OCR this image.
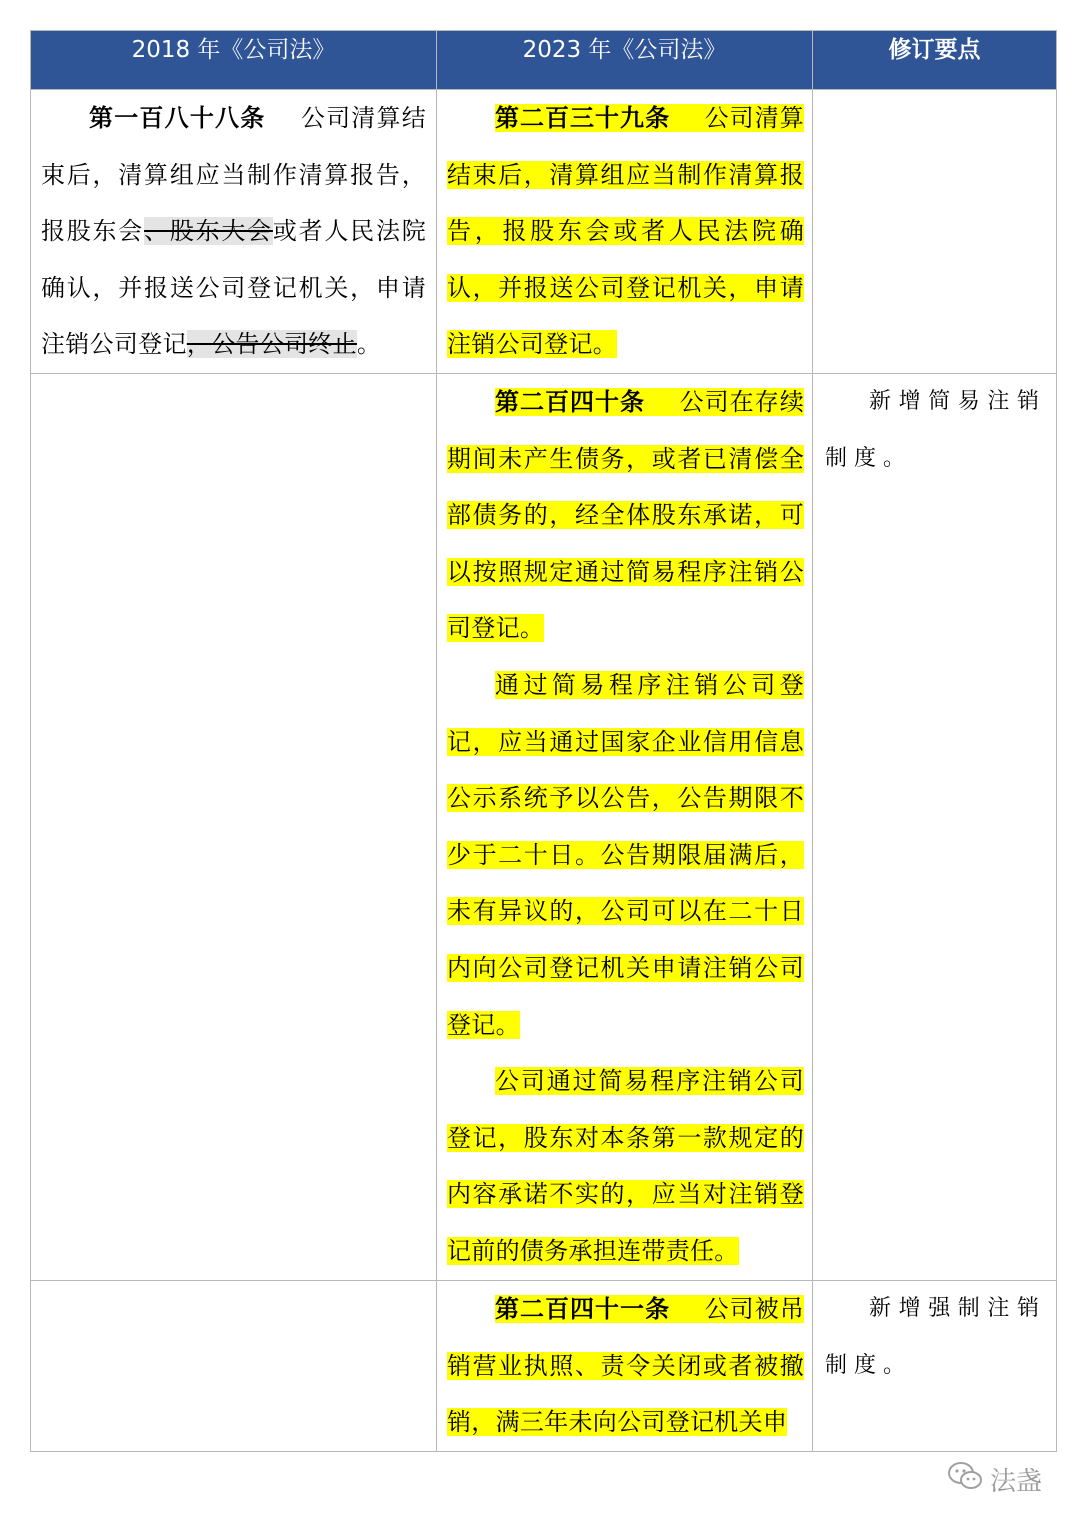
2018 年《公司法》	2023 年《公司法》	修订要点

第一百八十八条 公司清算结束后，清算组应当制作清算报告，报股东会、股东大会或者人民法院确认，并报送公司登记机关，申请注销公司登记，公告公司终止。	第二百三十九条 公司清算结束后，清算组应当制作清算报告，报股东会或者人民法院确认，并报送公司登记机关，申请注销公司登记。	

	第二百四十条 公司在存续期间未产生债务，或者已清偿全部债务的，经全体股东承诺，可以按照规定通过简易程序注销公司登记。

通过简易程序注销公司登记，应当通过国家企业信用信息公示系统予以公告，公告期限不少于二十日。公告期限届满后，未有异议的，公司可以在二十日内向公司登记机关申请注销公司登记。

公司通过简易程序注销公司登记，股东对本条第一款规定的内容承诺不实的，应当对注销登记前的债务承担连带责任。	新增简易注销制度。

	第二百四十一条 公司被吊销营业执照、责令关闭或者被撤销，满三年未向公司登记机关申	新增强制注销制度。

法盏
